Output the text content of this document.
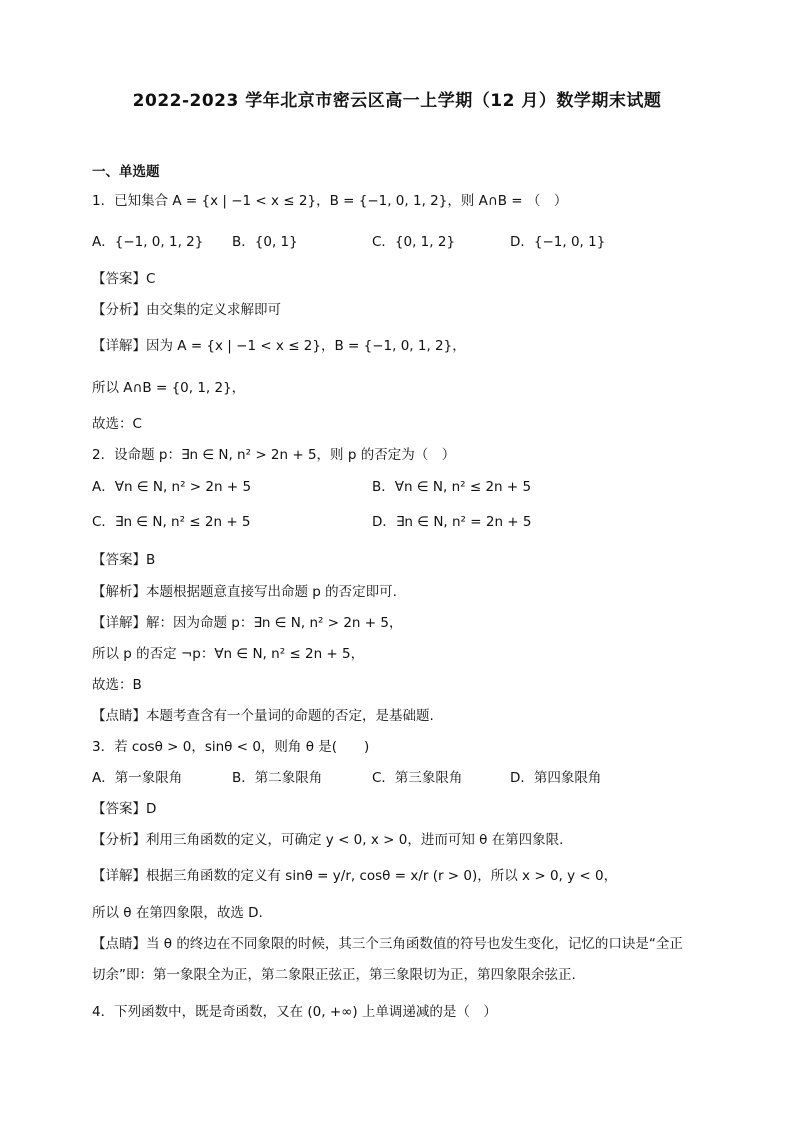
2022-2023 学年北京市密云区高一上学期（12 月）数学期末试题
一、单选题
1．已知集合 A = {x | −1 < x ≤ 2}，B = {−1, 0, 1, 2}，则 A∩B = （　）
A．{−1, 0, 1, 2} B．{0, 1}	C．{0, 1, 2}	D．{−1, 0, 1}
【答案】C
【分析】由交集的定义求解即可
【详解】因为 A = {x | −1 < x ≤ 2}，B = {−1, 0, 1, 2}，
所以 A∩B = {0, 1, 2}，
故选：C
2．设命题 p：∃n ∈ N, n² > 2n + 5，则 p 的否定为（　）
A．∀n ∈ N, n² > 2n + 5	B．∀n ∈ N, n² ≤ 2n + 5
C．∃n ∈ N, n² ≤ 2n + 5	D．∃n ∈ N, n² = 2n + 5
【答案】B
【解析】本题根据题意直接写出命题 p 的否定即可.
【详解】解：因为命题 p：∃n ∈ N, n² > 2n + 5，
所以 p 的否定 ¬p：∀n ∈ N, n² ≤ 2n + 5，
故选：B
【点睛】本题考查含有一个量词的命题的否定，是基础题.
3．若 cosθ > 0，sinθ < 0，则角 θ 是(　　)
A．第一象限角	B．第二象限角	C．第三象限角	D．第四象限角
【答案】D
【分析】利用三角函数的定义，可确定 y < 0, x > 0，进而可知 θ 在第四象限.
【详解】根据三角函数的定义有 sinθ = y/r, cosθ = x/r (r > 0)，所以 x > 0, y < 0，
所以 θ 在第四象限，故选 D.
【点睛】当 θ 的终边在不同象限的时候，其三个三角函数值的符号也发生变化，记忆的口诀是“全正
切余”即：第一象限全为正，第二象限正弦正，第三象限切为正，第四象限余弦正.
4．下列函数中，既是奇函数，又在 (0, +∞) 上单调递减的是（　）
